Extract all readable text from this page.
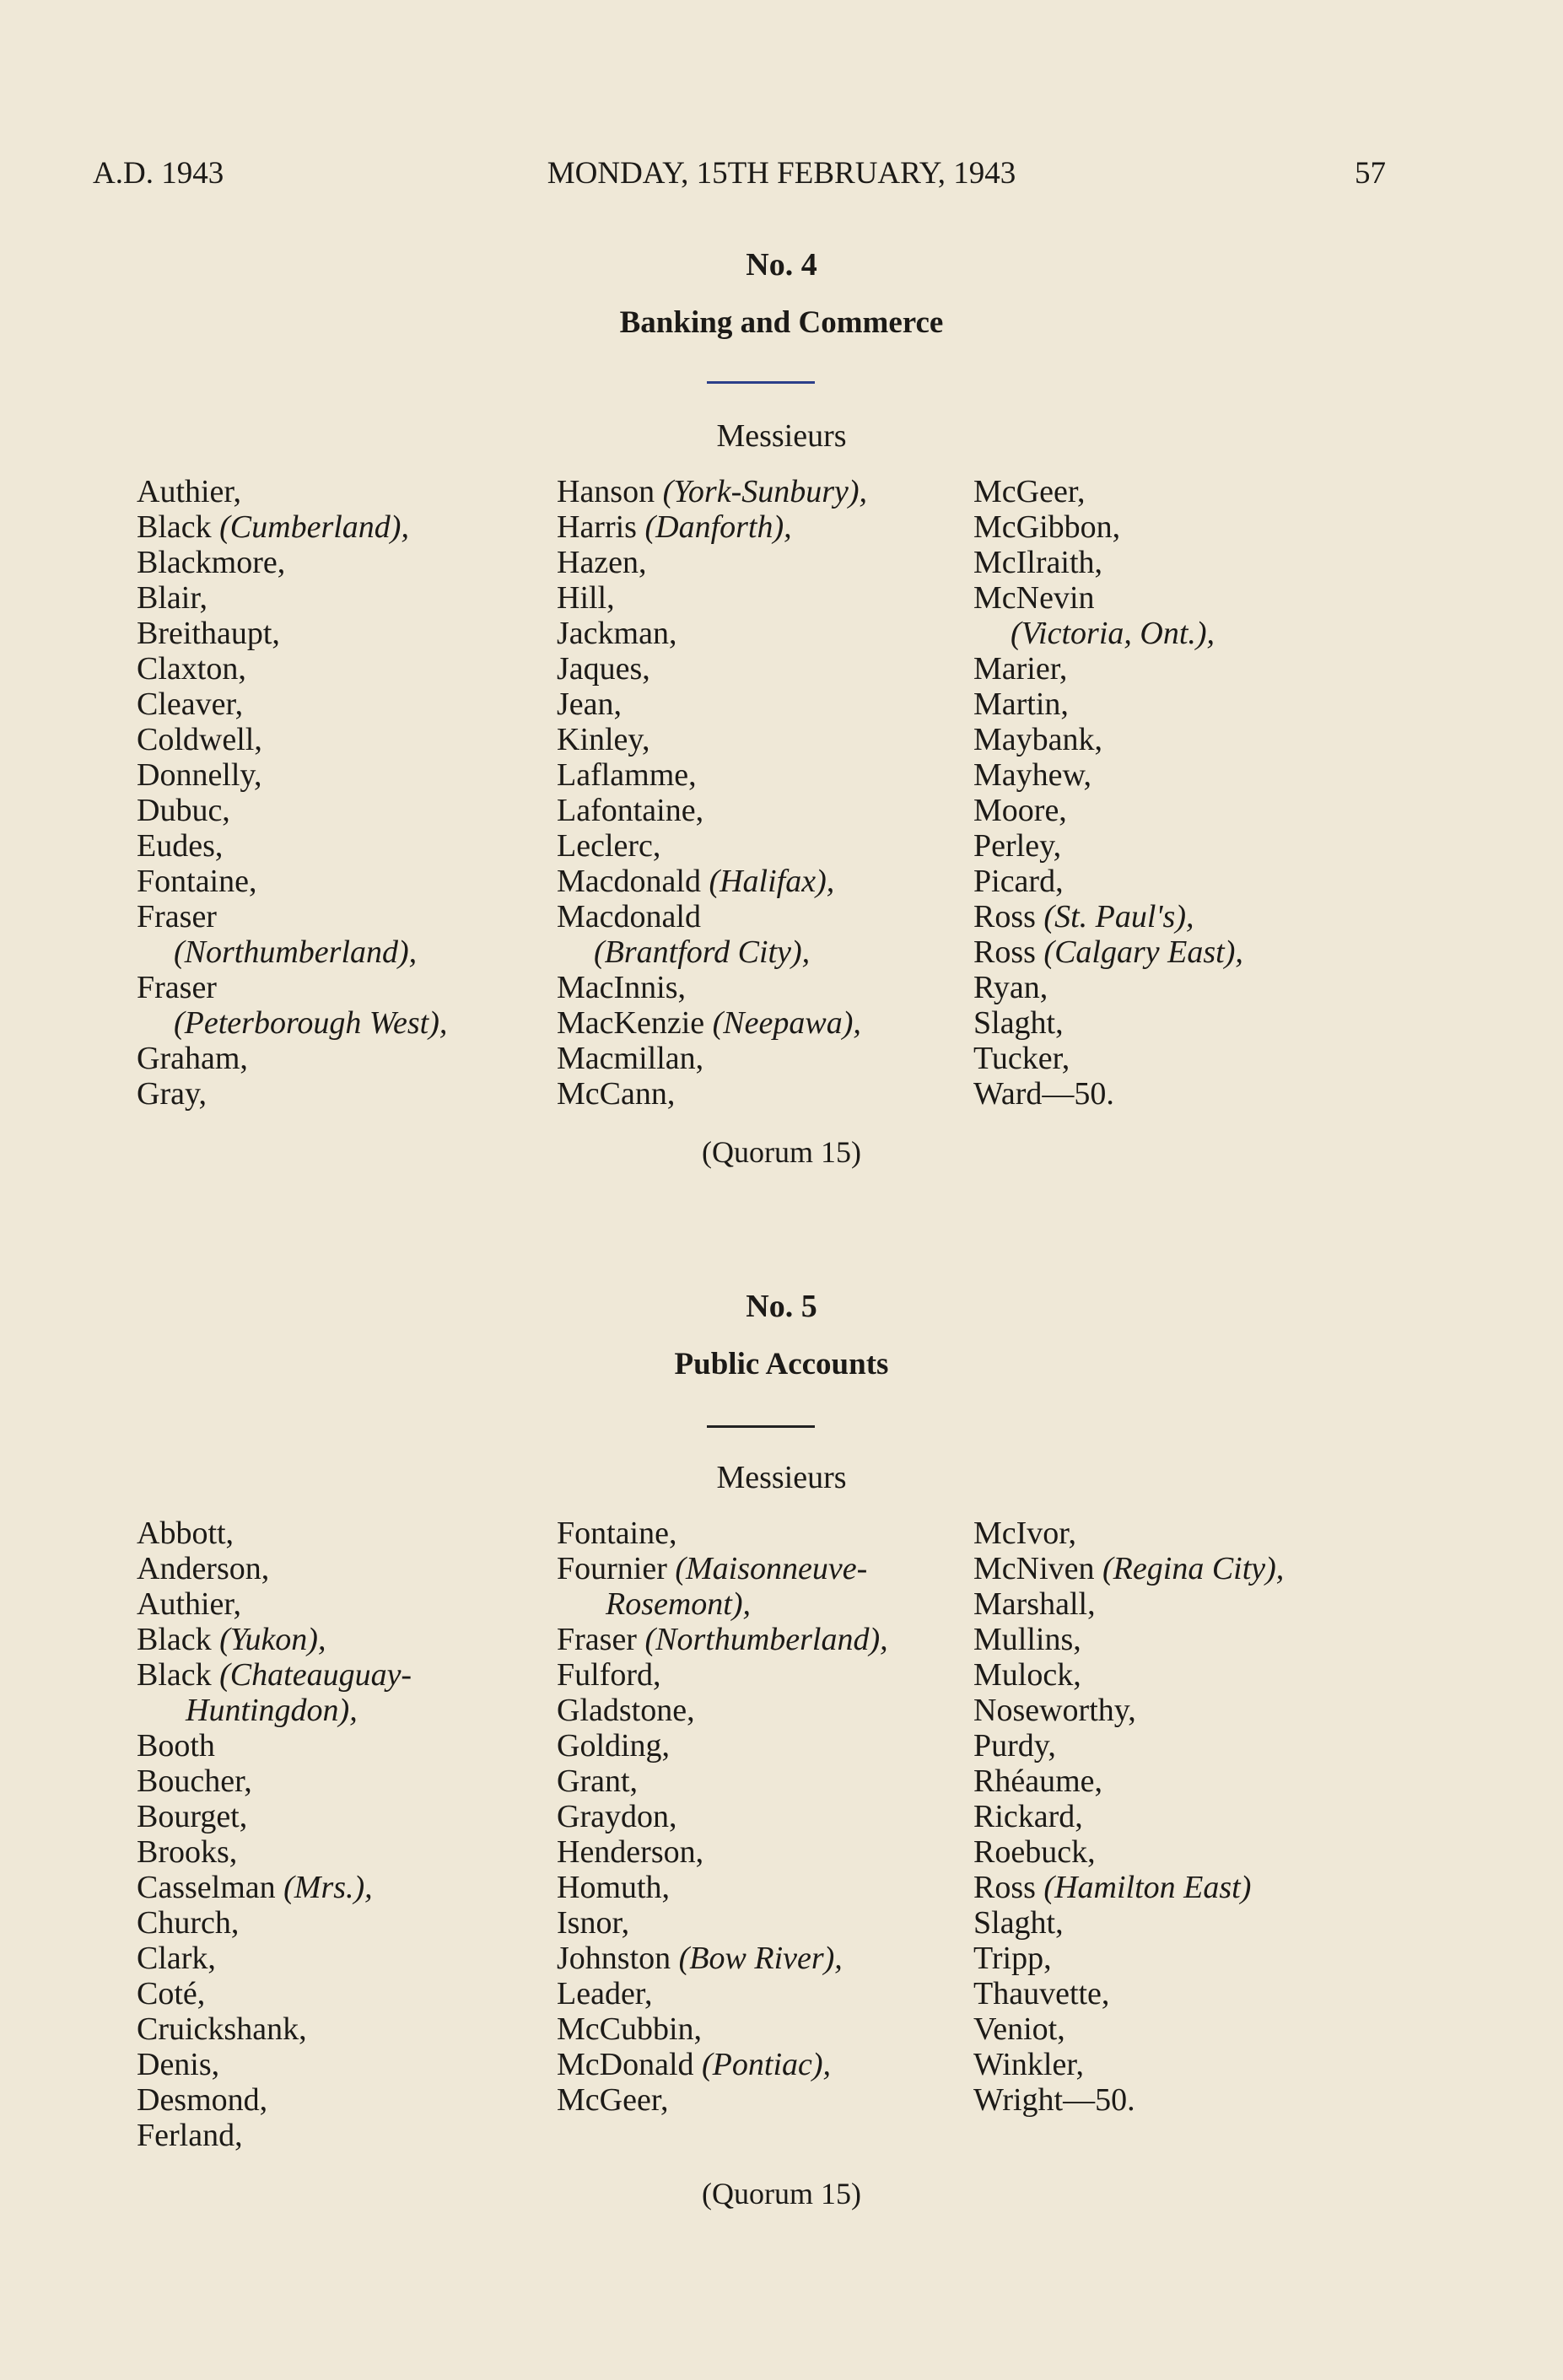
A.D. 1943	MONDAY, 15TH FEBRUARY, 1943	57
No. 4
Banking and Commerce
Messieurs
Authier,
Black (Cumberland),
Blackmore,
Blair,
Breithaupt,
Claxton,
Cleaver,
Coldwell,
Donnelly,
Dubuc,
Eudes,
Fontaine,
Fraser
(Northumberland),
Fraser
(Peterborough West),
Graham,
Gray,
Hanson (York-Sunbury),
Harris (Danforth),
Hazen,
Hill,
Jackman,
Jaques,
Jean,
Kinley,
Laflamme,
Lafontaine,
Leclerc,
Macdonald (Halifax),
Macdonald
(Brantford City),
MacInnis,
MacKenzie (Neepawa),
Macmillan,
McCann,
McGeer,
McGibbon,
McIlraith,
McNevin
(Victoria, Ont.),
Marier,
Martin,
Maybank,
Mayhew,
Moore,
Perley,
Picard,
Ross (St. Paul's),
Ross (Calgary East),
Ryan,
Slaght,
Tucker,
Ward—50.
(Quorum 15)
No. 5
Public Accounts
Messieurs
Abbott,
Anderson,
Authier,
Black (Yukon),
Black (Chateauguay-
Huntingdon),
Booth
Boucher,
Bourget,
Brooks,
Casselman (Mrs.),
Church,
Clark,
Coté,
Cruickshank,
Denis,
Desmond,
Ferland,
Fontaine,
Fournier (Maisonneuve-
Rosemont),
Fraser (Northumberland),
Fulford,
Gladstone,
Golding,
Grant,
Graydon,
Henderson,
Homuth,
Isnor,
Johnston (Bow River),
Leader,
McCubbin,
McDonald (Pontiac),
McGeer,
McIvor,
McNiven (Regina City),
Marshall,
Mullins,
Mulock,
Noseworthy,
Purdy,
Rhéaume,
Rickard,
Roebuck,
Ross (Hamilton East)
Slaght,
Tripp,
Thauvette,
Veniot,
Winkler,
Wright—50.
(Quorum 15)
